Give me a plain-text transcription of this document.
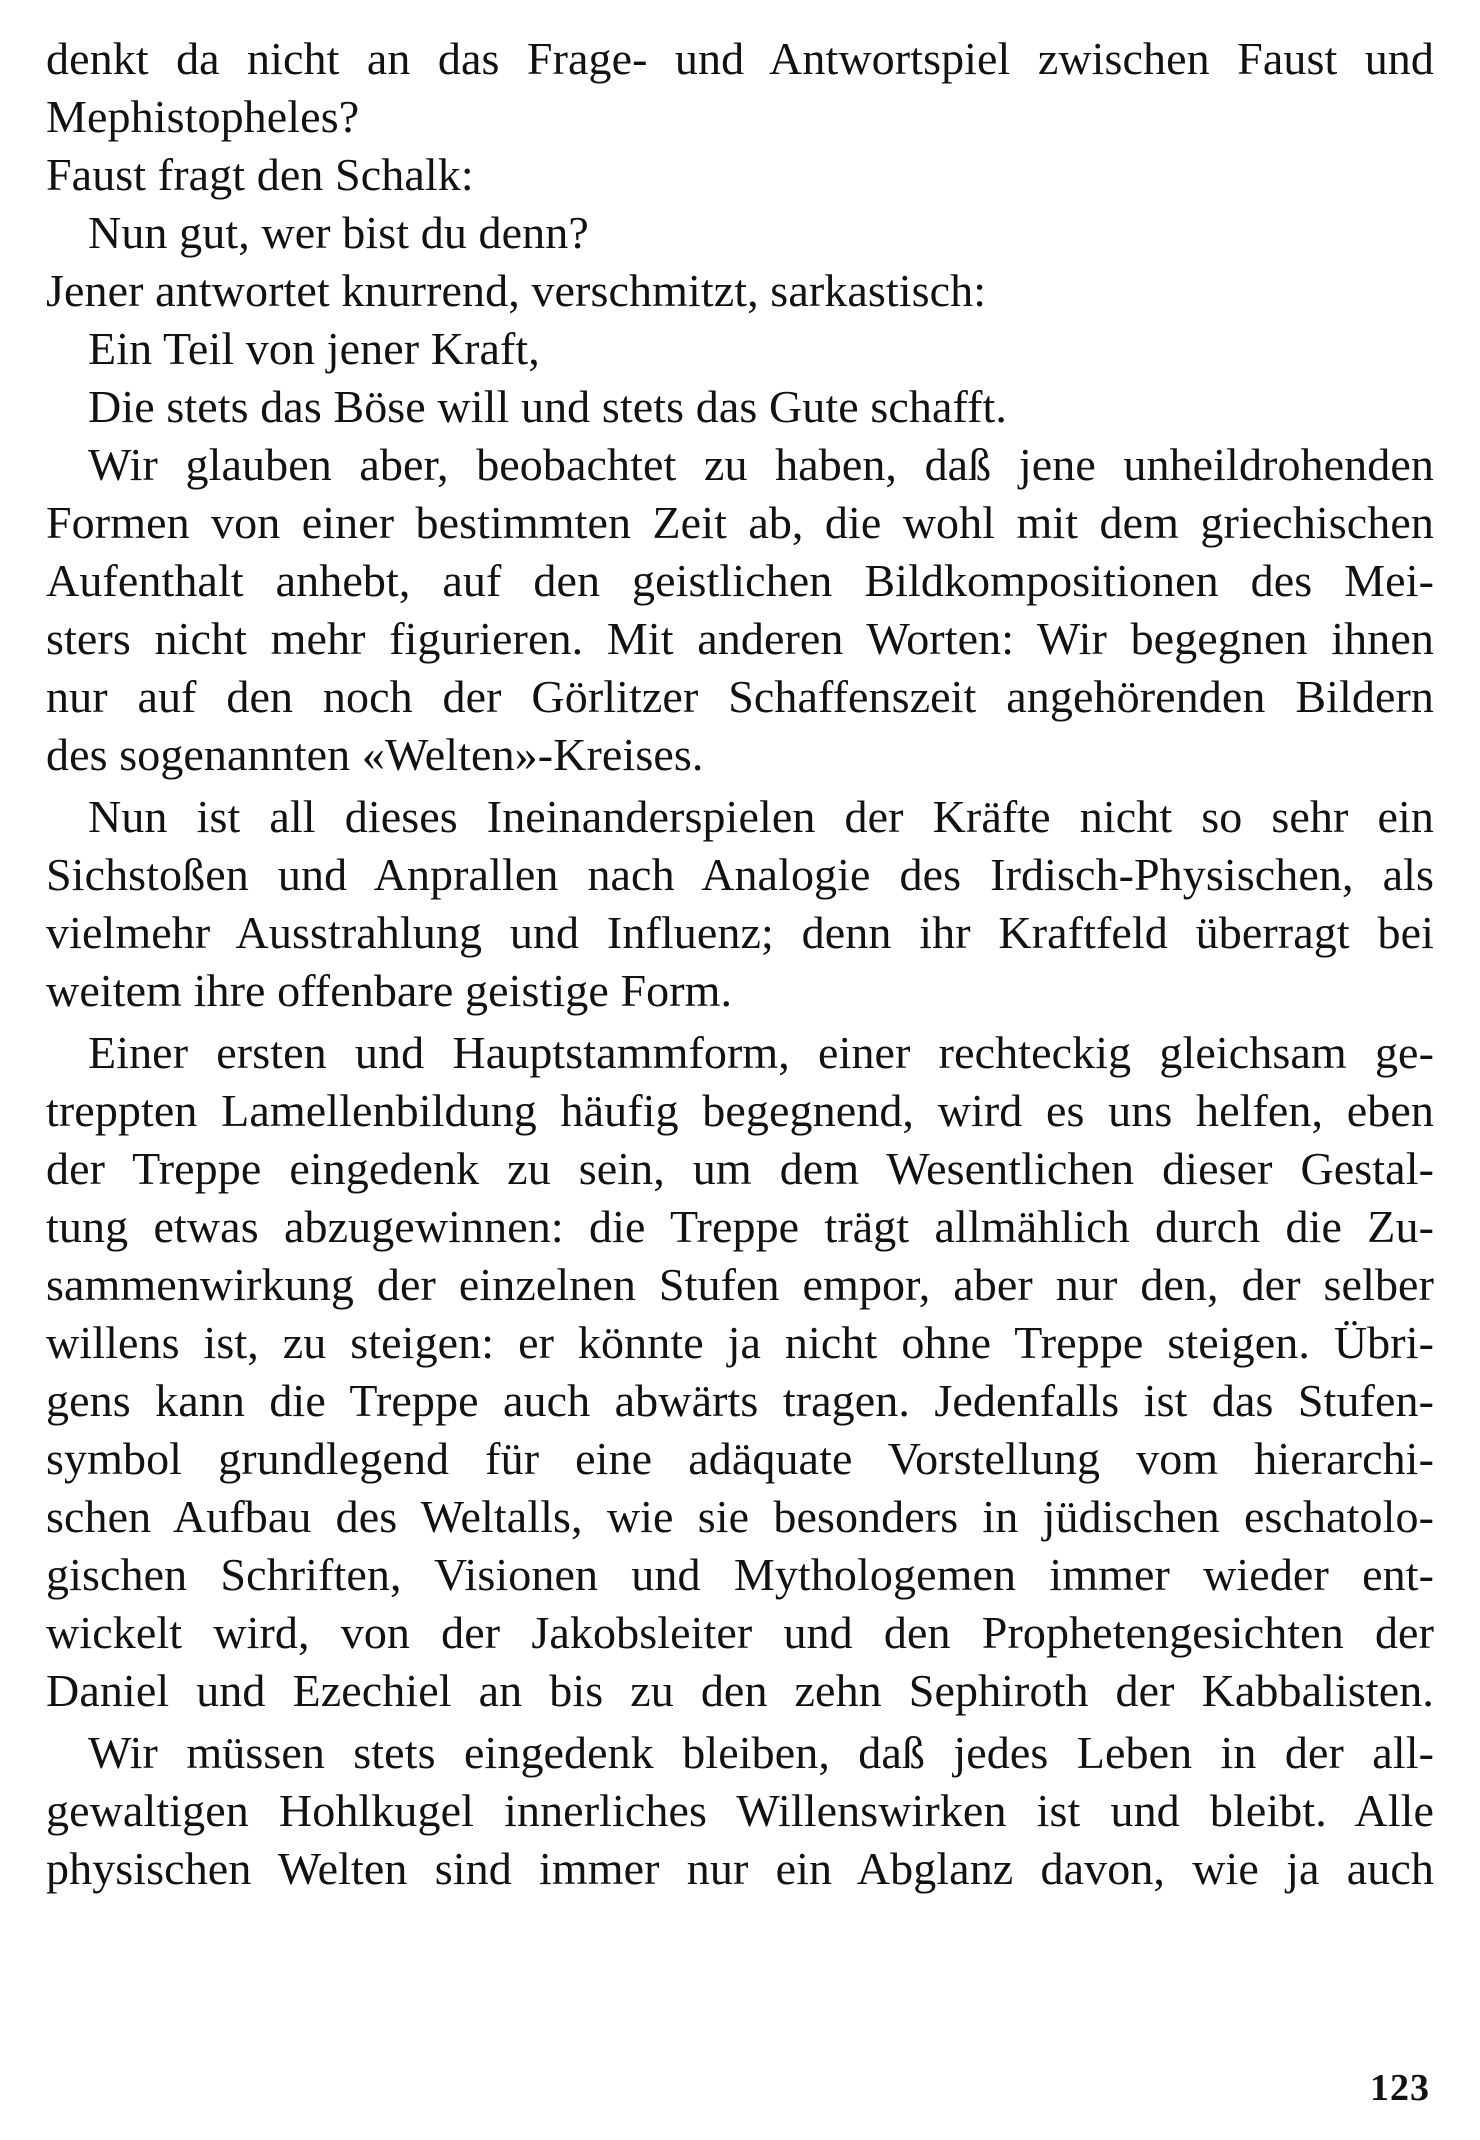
denkt da nicht an das Frage- und Antwortspiel zwischen Faust und
Mephistopheles?
Faust fragt den Schalk:
Nun gut, wer bist du denn?
Jener antwortet knurrend, verschmitzt, sarkastisch:
Ein Teil von jener Kraft,
Die stets das Böse will und stets das Gute schafft.
Wir glauben aber, beobachtet zu haben, daß jene unheildrohenden
Formen von einer bestimmten Zeit ab, die wohl mit dem griechischen
Aufenthalt anhebt, auf den geistlichen Bildkompositionen des Mei-
sters nicht mehr figurieren. Mit anderen Worten: Wir begegnen ihnen
nur auf den noch der Görlitzer Schaffenszeit angehörenden Bildern
des sogenannten «Welten»-Kreises.
Nun ist all dieses Ineinanderspielen der Kräfte nicht so sehr ein
Sichstoßen und Anprallen nach Analogie des Irdisch-Physischen, als
vielmehr Ausstrahlung und Influenz; denn ihr Kraftfeld überragt bei
weitem ihre offenbare geistige Form.
Einer ersten und Hauptstammform, einer rechteckig gleichsam ge-
treppten Lamellenbildung häufig begegnend, wird es uns helfen, eben
der Treppe eingedenk zu sein, um dem Wesentlichen dieser Gestal-
tung etwas abzugewinnen: die Treppe trägt allmählich durch die Zu-
sammenwirkung der einzelnen Stufen empor, aber nur den, der selber
willens ist, zu steigen: er könnte ja nicht ohne Treppe steigen. Übri-
gens kann die Treppe auch abwärts tragen. Jedenfalls ist das Stufen-
symbol grundlegend für eine adäquate Vorstellung vom hierarchi-
schen Aufbau des Weltalls, wie sie besonders in jüdischen eschatolo-
gischen Schriften, Visionen und Mythologemen immer wieder ent-
wickelt wird, von der Jakobsleiter und den Prophetengesichten der
Daniel und Ezechiel an bis zu den zehn Sephiroth der Kabbalisten.
Wir müssen stets eingedenk bleiben, daß jedes Leben in der all-
gewaltigen Hohlkugel innerliches Willenswirken ist und bleibt. Alle
physischen Welten sind immer nur ein Abglanz davon, wie ja auch
123
